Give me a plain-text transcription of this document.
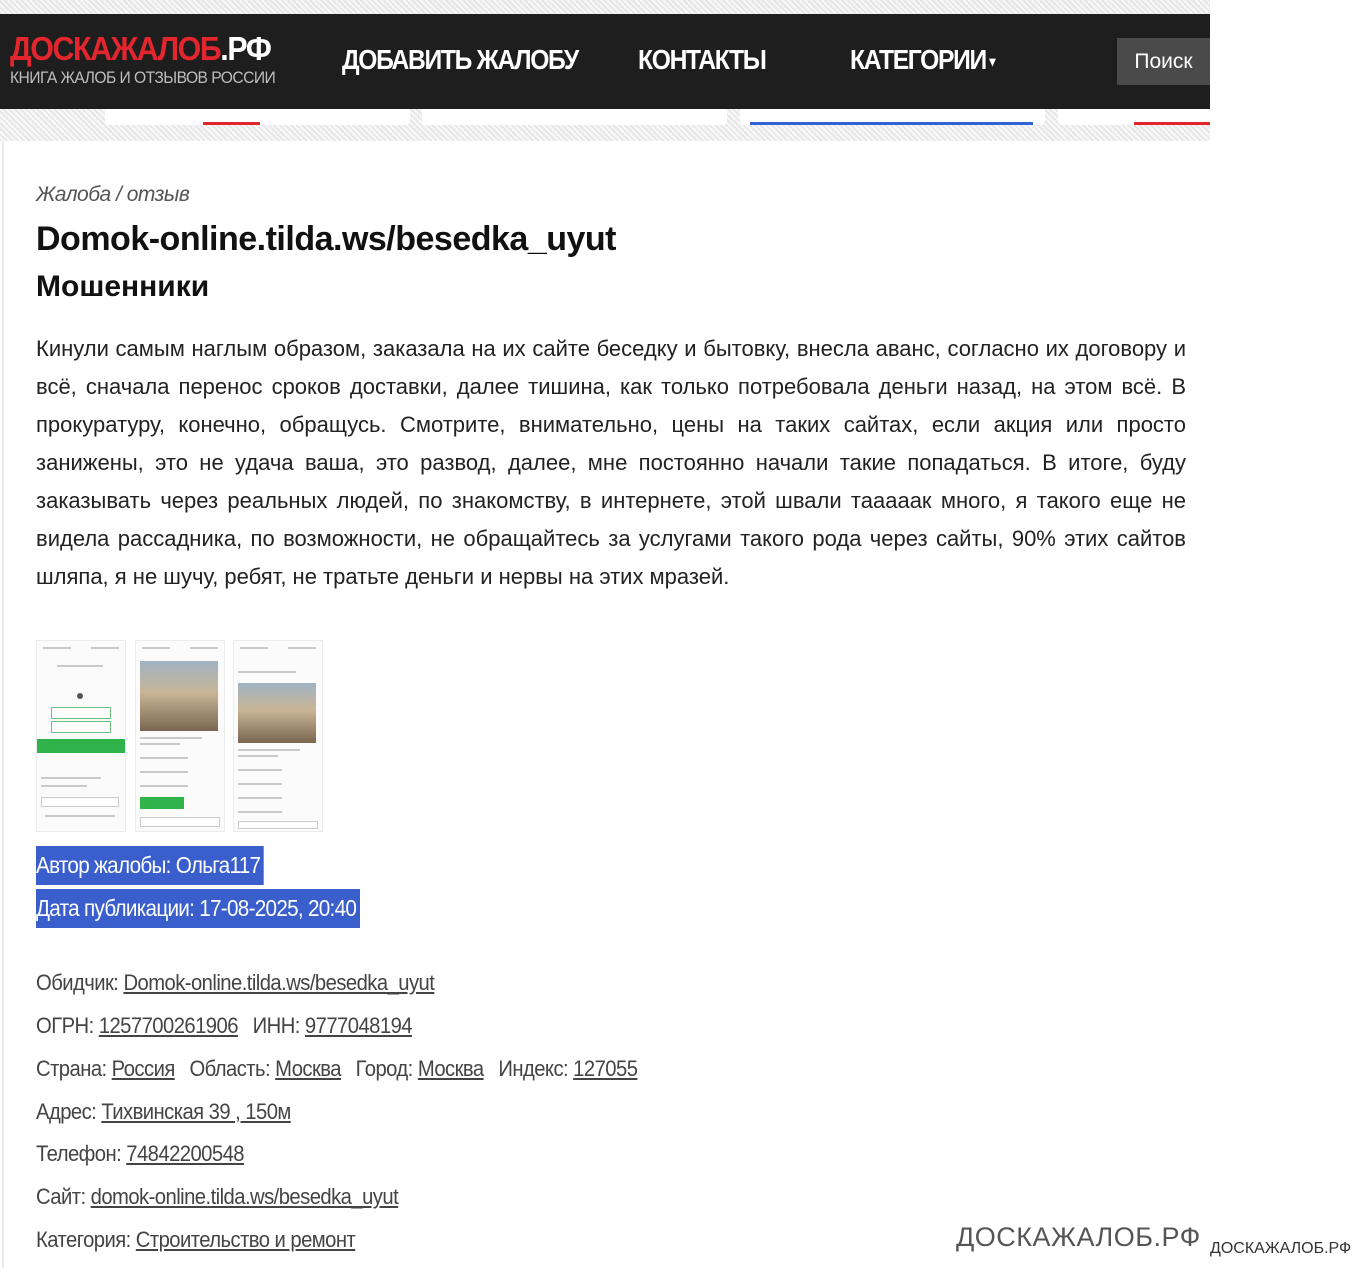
ДОСКАЖАЛОБ.РФ
КНИГА ЖАЛОБ И ОТЗЫВОВ РОССИИ
ДОБАВИТЬ ЖАЛОБУ КОНТАКТЫ	КАТЕГОРИИ ▾	Поиск
Жалоба / отзыв
Domok-online.tilda.ws/besedka_uyut
Мошенники

Кинули самым наглым образом, заказала на их сайте беседку и бытовку, внесла аванс, согласно их договору и всё, сначала перенос сроков доставки, далее тишина, как только потребовала деньги назад, на этом всё. В прокуратуру, конечно, обращусь. Смотрите, внимательно, цены на таких сайтах, если акция или просто занижены, это не удача ваша, это развод, далее, мне постоянно начали такие попадаться. В итоге, буду заказывать через реальных людей, по знакомству, в интернете, этой швали таааaак много, я такого еще не видела рассадника, по возможности, не обращайтесь за услугами такого рода через сайты, 90% этих сайтов шляпа, я не шучу, ребят, не тратьте деньги и нервы на этих мразей.

Автор жалобы: Ольга117
Дата публикации: 17-08-2025, 20:40
Обидчик: Domok-online.tilda.ws/besedka_uyut
ОГРН: 1257700261906 ИНН: 9777048194
Страна: Россия Область: Москва Город: Москва Индекс: 127055
Адрес: Тихвинская 39 , 150м
Телефон: 74842200548
Сайт: domok-online.tilda.ws/besedka_uyut
Категория: Строительство и ремонт	ДОСКАЖАЛОБ.РФ ДОСКАЖАЛОБ.РФ
